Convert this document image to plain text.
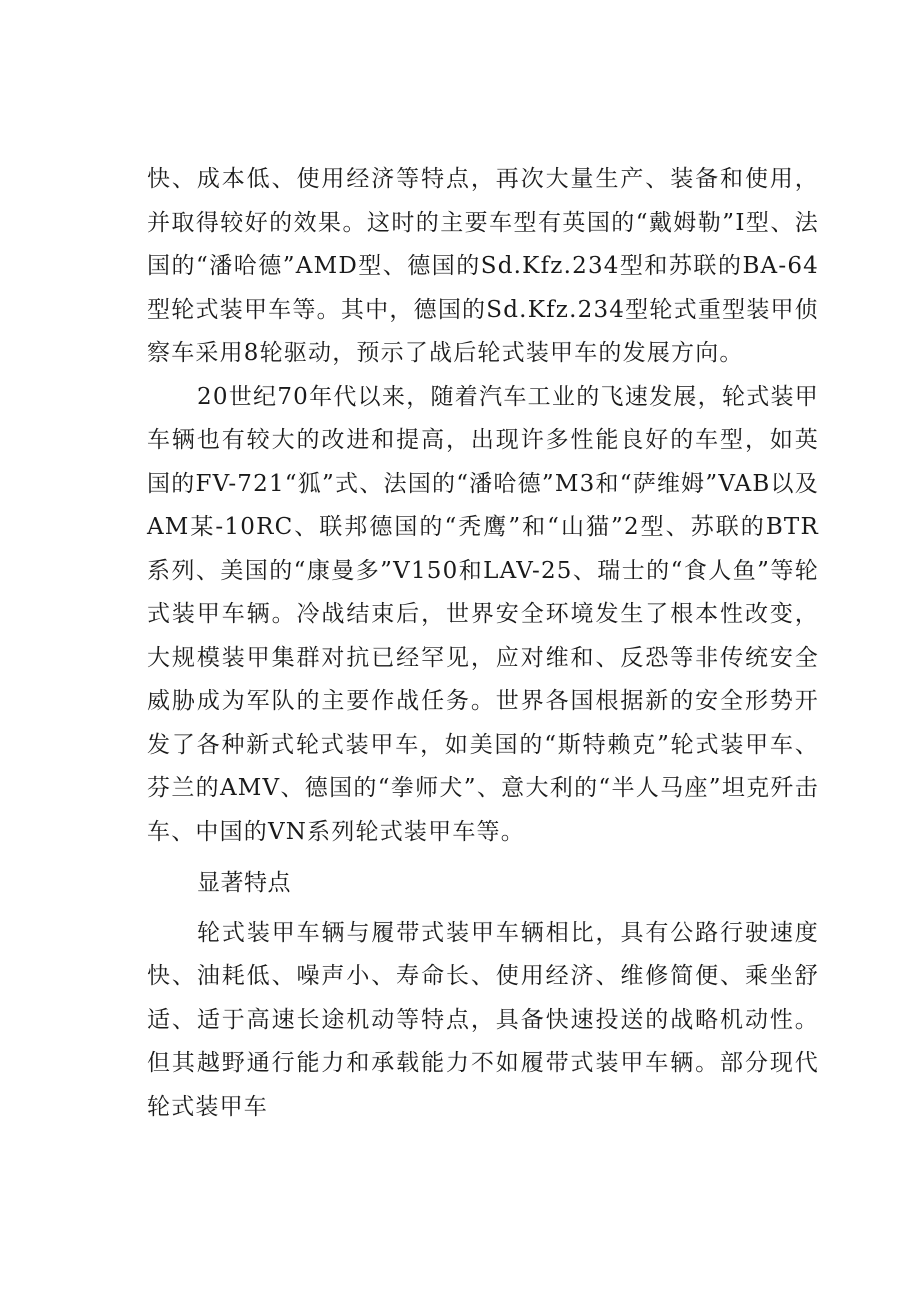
快、成本低、使用经济等特点，再次大量生产、装备和使用，并取得较好的效果。这时的主要车型有英国的“戴姆勒”Ⅰ型、法国的“潘哈德”AMD型、德国的Sd.Kfz.234型和苏联的BA-64型轮式装甲车等。其中，德国的Sd.Kfz.234型轮式重型装甲侦察车采用8轮驱动，预示了战后轮式装甲车的发展方向。

20世纪70年代以来，随着汽车工业的飞速发展，轮式装甲车辆也有较大的改进和提高，出现许多性能良好的车型，如英国的FV-721“狐”式、法国的“潘哈德”M3和“萨维姆”VAB以及AM某-10RC、联邦德国的“秃鹰”和“山猫”2型、苏联的BTR系列、美国的“康曼多”V150和LAV-25、瑞士的“食人鱼”等轮式装甲车辆。冷战结束后，世界安全环境发生了根本性改变，大规模装甲集群对抗已经罕见，应对维和、反恐等非传统安全威胁成为军队的主要作战任务。世界各国根据新的安全形势开发了各种新式轮式装甲车，如美国的“斯特赖克”轮式装甲车、芬兰的AMV、德国的“拳师犬”、意大利的“半人马座”坦克歼击车、中国的VN系列轮式装甲车等。

显著特点

轮式装甲车辆与履带式装甲车辆相比，具有公路行驶速度快、油耗低、噪声小、寿命长、使用经济、维修简便、乘坐舒适、适于高速长途机动等特点，具备快速投送的战略机动性。但其越野通行能力和承载能力不如履带式装甲车辆。部分现代轮式装甲车
